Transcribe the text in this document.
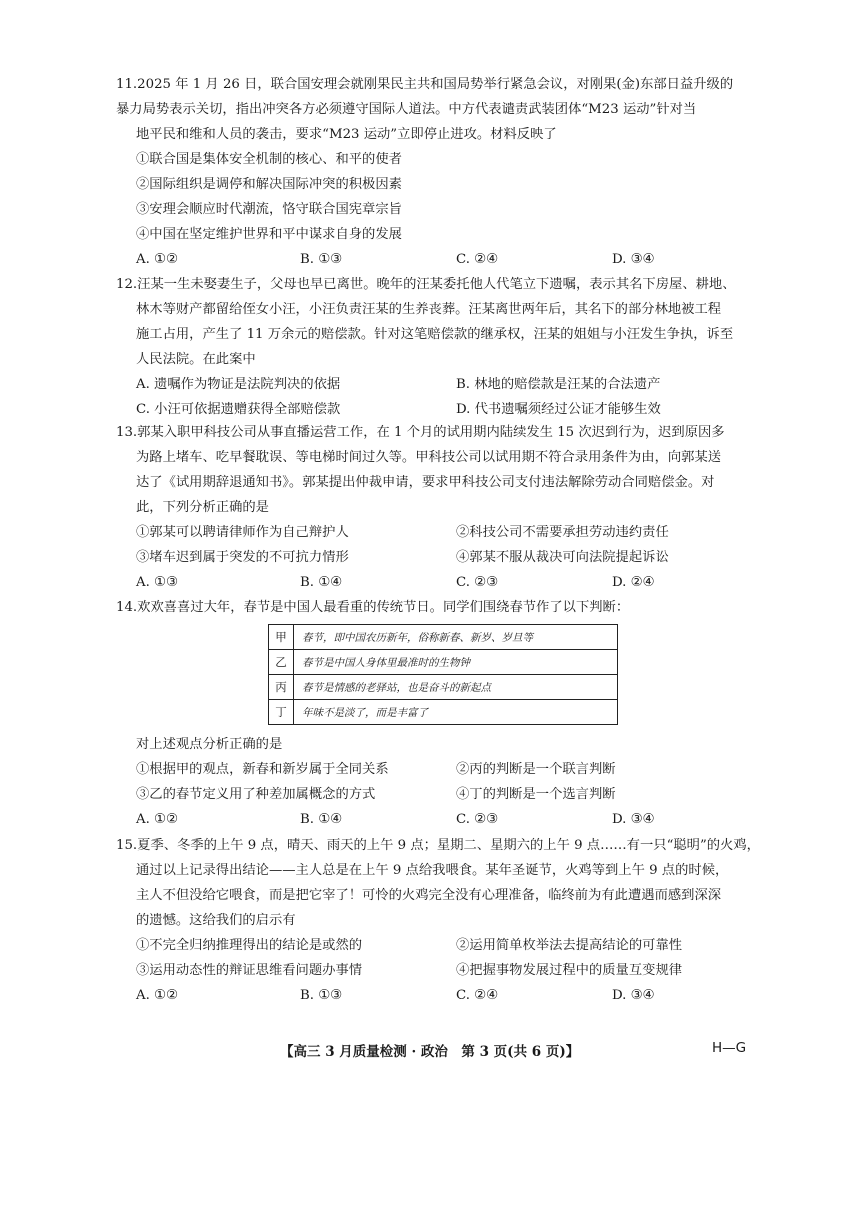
11.2025 年 1 月 26 日，联合国安理会就刚果民主共和国局势举行紧急会议，对刚果(金)东部日益升级的
暴力局势表示关切，指出冲突各方必须遵守国际人道法。中方代表谴责武装团体“M23 运动”针对当
地平民和维和人员的袭击，要求“M23 运动”立即停止进攻。材料反映了
①联合国是集体安全机制的核心、和平的使者
②国际组织是调停和解决国际冲突的积极因素
③安理会顺应时代潮流，恪守联合国宪章宗旨
④中国在坚定维护世界和平中谋求自身的发展
A. ①②	B. ①③	C. ②④	D. ③④
12.汪某一生未娶妻生子，父母也早已离世。晚年的汪某委托他人代笔立下遗嘱，表示其名下房屋、耕地、
林木等财产都留给侄女小汪，小汪负责汪某的生养丧葬。汪某离世两年后，其名下的部分林地被工程
施工占用，产生了 11 万余元的赔偿款。针对这笔赔偿款的继承权，汪某的姐姐与小汪发生争执，诉至
人民法院。在此案中
A. 遗嘱作为物证是法院判决的依据	B. 林地的赔偿款是汪某的合法遗产
C. 小汪可依据遗赠获得全部赔偿款	D. 代书遗嘱须经过公证才能够生效
13.郭某入职甲科技公司从事直播运营工作，在 1 个月的试用期内陆续发生 15 次迟到行为，迟到原因多
为路上堵车、吃早餐耽误、等电梯时间过久等。甲科技公司以试用期不符合录用条件为由，向郭某送
达了《试用期辞退通知书》。郭某提出仲裁申请，要求甲科技公司支付违法解除劳动合同赔偿金。对
此，下列分析正确的是
①郭某可以聘请律师作为自己辩护人	②科技公司不需要承担劳动违约责任
③堵车迟到属于突发的不可抗力情形	④郭某不服从裁决可向法院提起诉讼
A. ①③	B. ①④	C. ②③	D. ②④
14.欢欢喜喜过大年，春节是中国人最看重的传统节日。同学们围绕春节作了以下判断：
甲	春节，即中国农历新年，俗称新春、新岁、岁旦等
乙	春节是中国人身体里最准时的生物钟
丙	春节是情感的老驿站，也是奋斗的新起点
丁	年味不是淡了，而是丰富了
对上述观点分析正确的是
①根据甲的观点，新春和新岁属于全同关系	②丙的判断是一个联言判断
③乙的春节定义用了种差加属概念的方式	④丁的判断是一个选言判断
A. ①②	B. ①④	C. ②③	D. ③④
15.夏季、冬季的上午 9 点，晴天、雨天的上午 9 点；星期二、星期六的上午 9 点……有一只“聪明”的火鸡，
通过以上记录得出结论——主人总是在上午 9 点给我喂食。某年圣诞节，火鸡等到上午 9 点的时候，
主人不但没给它喂食，而是把它宰了！可怜的火鸡完全没有心理准备，临终前为有此遭遇而感到深深
的遗憾。这给我们的启示有
①不完全归纳推理得出的结论是或然的	②运用简单枚举法去提高结论的可靠性
③运用动态性的辩证思维看问题办事情	④把握事物发展过程中的质量互变规律
A. ①②	B. ①③	C. ②④	D. ③④
【高三 3 月质量检测 · 政治　第 3 页(共 6 页)】	H—G
